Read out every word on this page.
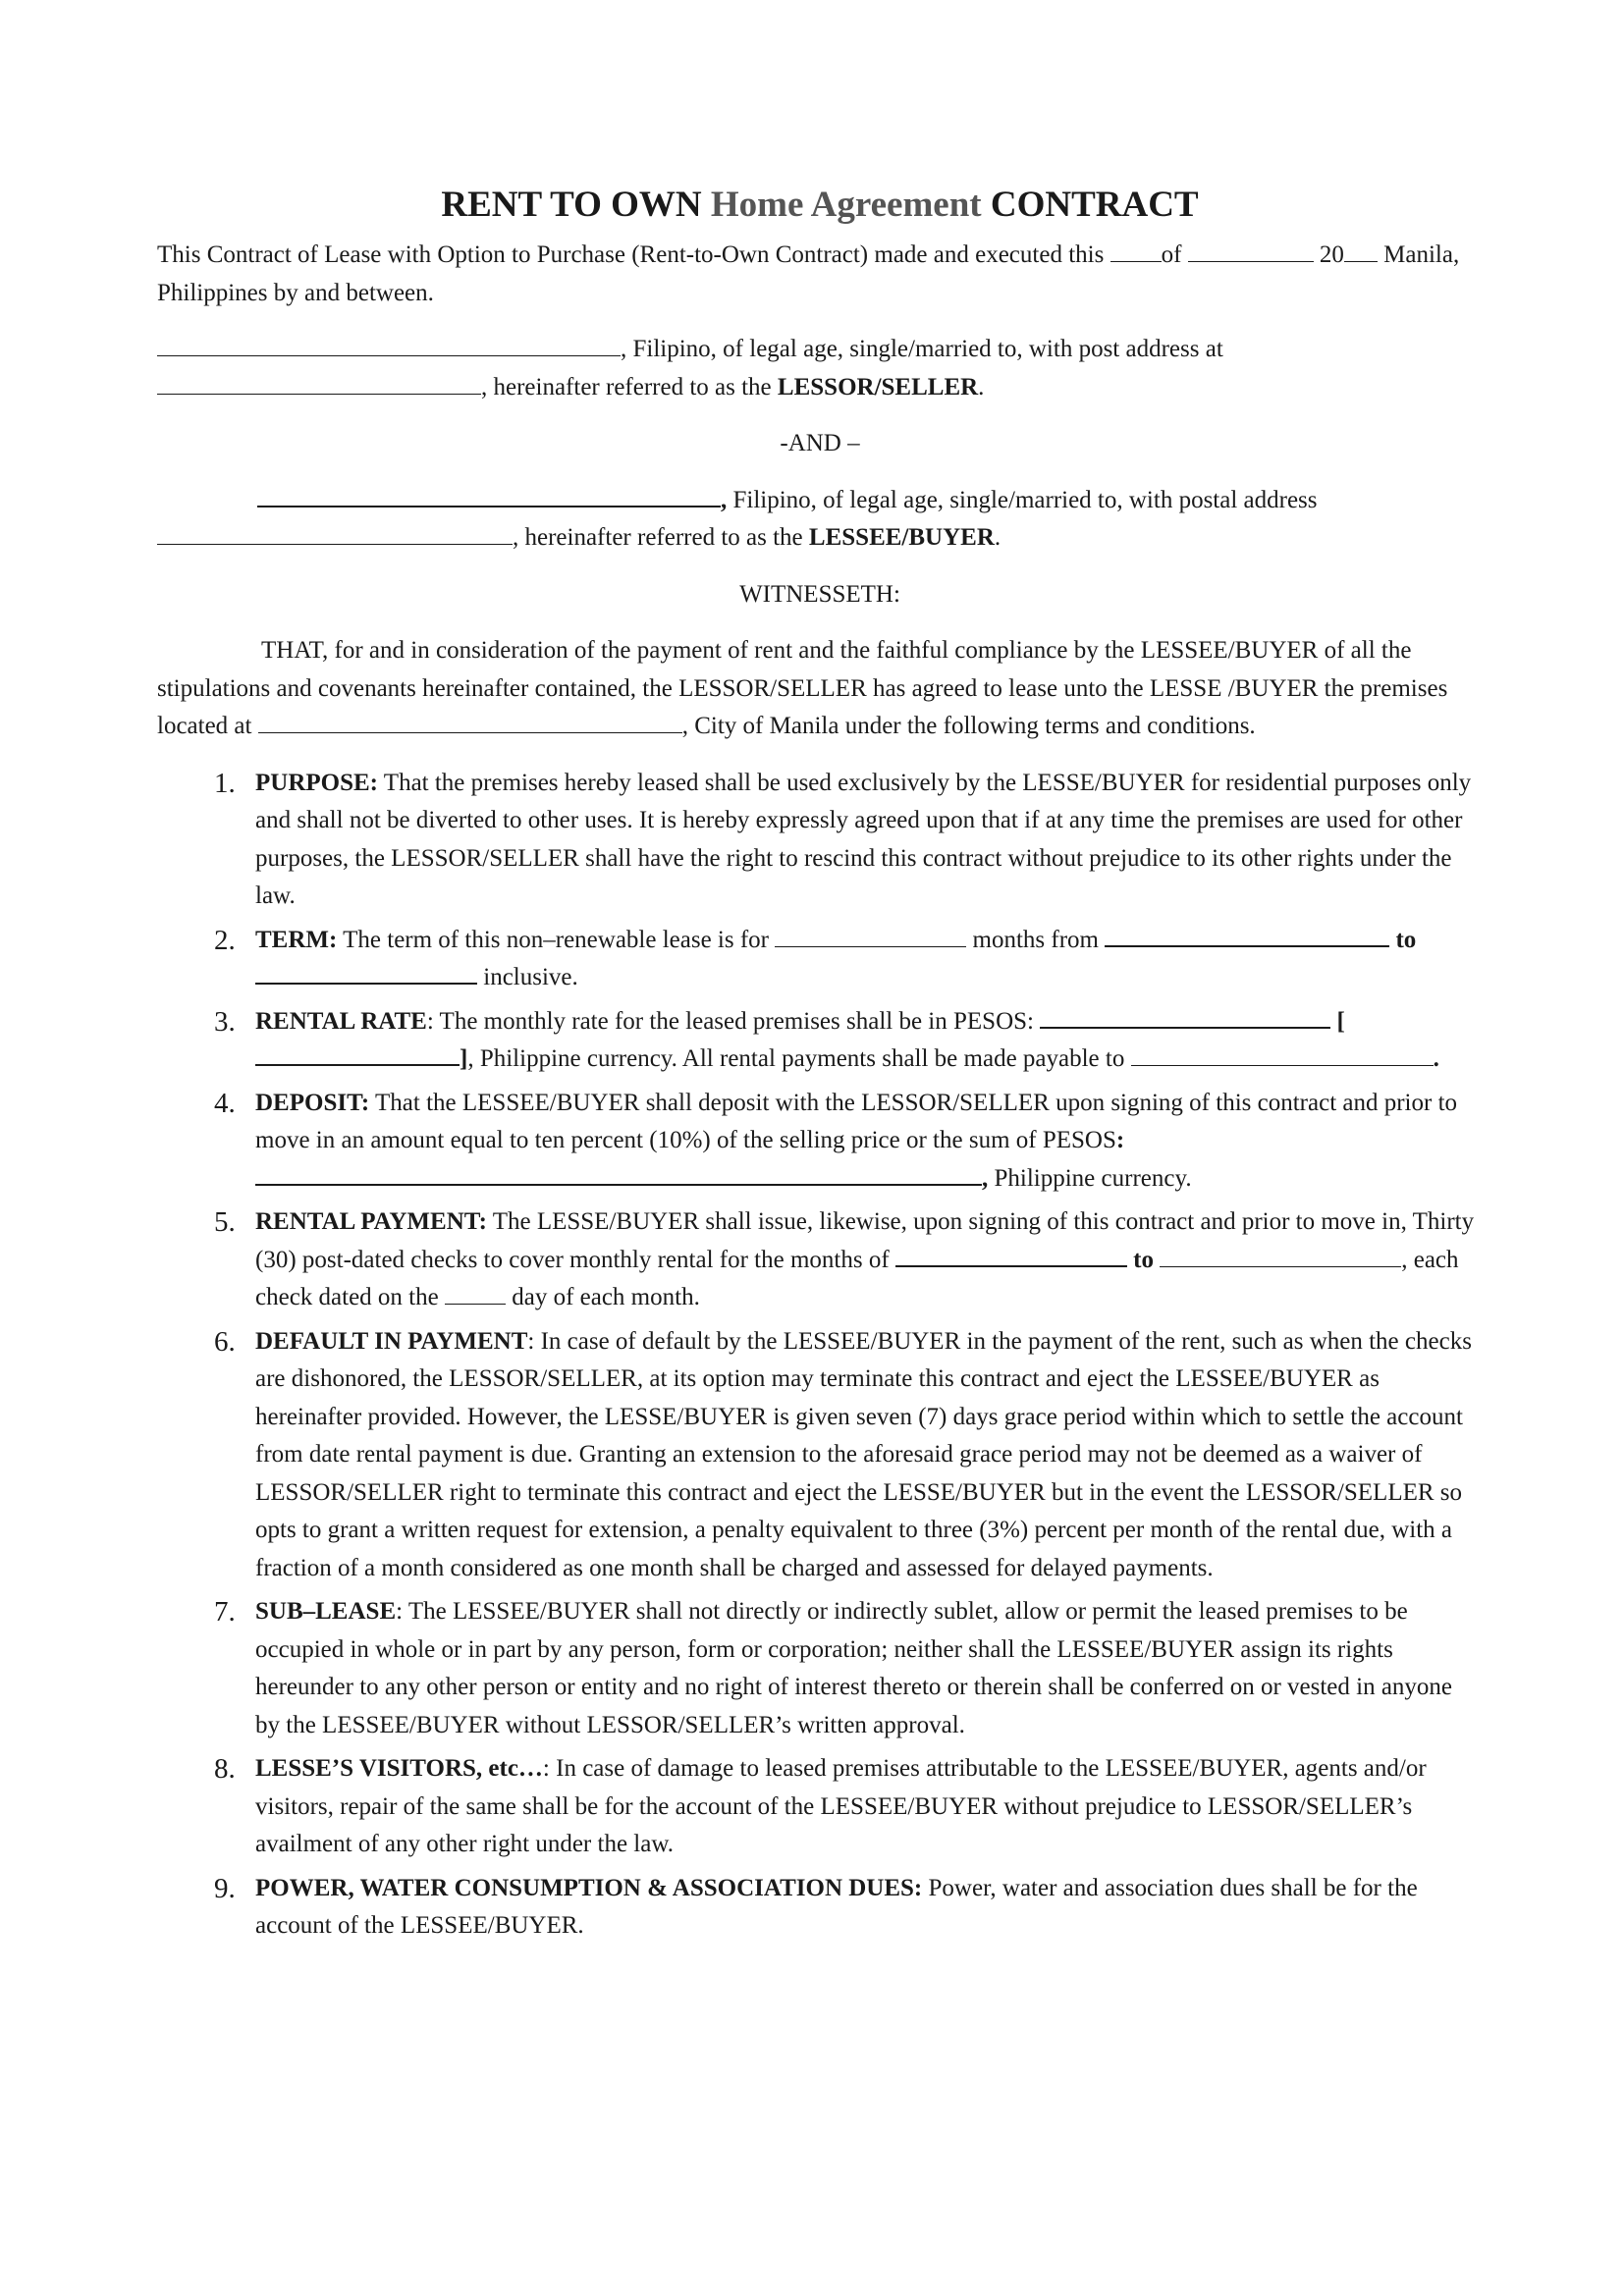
RENT TO OWN Home Agreement CONTRACT

This Contract of Lease with Option to Purchase (Rent-to-Own Contract) made and executed this of	20 Manila, Philippines by and between.

, Filipino, of legal age, single/married to, with post address at , hereinafter referred to as the LESSOR/SELLER.

-AND –

, Filipino, of legal age, single/married to, with postal address , hereinafter referred to as the LESSEE/BUYER.

WITNESSETH:

THAT, for and in consideration of the payment of rent and the faithful compliance by the LESSEE/BUYER of all the stipulations and covenants hereinafter contained, the LESSOR/SELLER has agreed to lease unto the LESSE /BUYER the premises located at	, City of Manila under the following terms and conditions.

1. PURPOSE: That the premises hereby leased shall be used exclusively by the LESSE/BUYER for residential purposes only and shall not be diverted to other uses. It is hereby expressly agreed upon that if at any time the premises are used for other purposes, the LESSOR/SELLER shall have the right to rescind this contract without prejudice to its other rights under the law.
2. TERM: The term of this non–renewable lease is for	months from	to  inclusive.
3. RENTAL RATE: The monthly rate for the leased premises shall be in PESOS:	[], Philippine currency. All rental payments shall be made payable to	.
4. DEPOSIT: That the LESSEE/BUYER shall deposit with the LESSOR/SELLER upon signing of this contract and prior to move in an amount equal to ten percent (10%) of the selling price or the sum of PESOS: , Philippine currency.
5. RENTAL PAYMENT: The LESSE/BUYER shall issue, likewise, upon signing of this contract and prior to move in, Thirty (30) post-dated checks to cover monthly rental for the months of	to	, each check dated on the  day of each month.
6. DEFAULT IN PAYMENT: In case of default by the LESSEE/BUYER in the payment of the rent, such as when the checks are dishonored, the LESSOR/SELLER, at its option may terminate this contract and eject the LESSEE/BUYER as hereinafter provided. However, the LESSE/BUYER is given seven (7) days grace period within which to settle the account from date rental payment is due. Granting an extension to the aforesaid grace period may not be deemed as a waiver of LESSOR/SELLER right to terminate this contract and eject the LESSE/BUYER but in the event the LESSOR/SELLER so opts to grant a written request for extension, a penalty equivalent to three (3%) percent per month of the rental due, with a fraction of a month considered as one month shall be charged and assessed for delayed payments.
7. SUB–LEASE: The LESSEE/BUYER shall not directly or indirectly sublet, allow or permit the leased premises to be occupied in whole or in part by any person, form or corporation; neither shall the LESSEE/BUYER assign its rights hereunder to any other person or entity and no right of interest thereto or therein shall be conferred on or vested in anyone by the LESSEE/BUYER without LESSOR/SELLER’s written approval.
8. LESSE’S VISITORS, etc…: In case of damage to leased premises attributable to the LESSEE/BUYER, agents and/or visitors, repair of the same shall be for the account of the LESSEE/BUYER without prejudice to LESSOR/SELLER’s availment of any other right under the law.
9. POWER, WATER CONSUMPTION & ASSOCIATION DUES: Power, water and association dues shall be for the account of the LESSEE/BUYER.
